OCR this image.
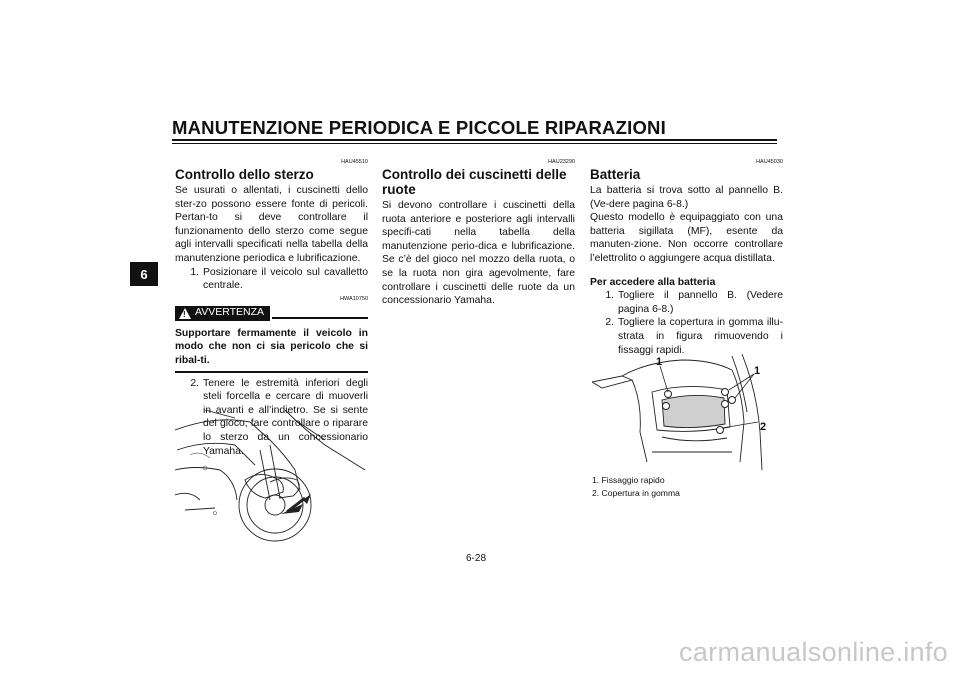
MANUTENZIONE PERIODICA E PICCOLE RIPARAZIONI
6
HAU45510
Controllo dello sterzo

Se usurati o allentati, i cuscinetti dello ster-zo possono essere fonte di pericoli. Pertan-to si deve controllare il funzionamento dello sterzo come segue agli intervalli specificati nella tabella della manutenzione periodica e lubrificazione.

1. Posizionare il veicolo sul cavalletto centrale.
HWA10750
! AVVERTENZA
Supportare fermamente il veicolo in modo che non ci sia pericolo che si ribal-ti.
2. Tenere le estremità inferiori degli steli forcella e cercare di muoverli in avanti e all’indietro. Se si sente del gioco, fare controllare o riparare lo sterzo da un concessionario Yamaha.
HAU23290
Controllo dei cuscinetti delle ruote

Si devono controllare i cuscinetti della ruota anteriore e posteriore agli intervalli specifi-cati nella tabella della manutenzione perio-dica e lubrificazione. Se c’è del gioco nel mozzo della ruota, o se la ruota non gira agevolmente, fare controllare i cuscinetti delle ruote da un concessionario Yamaha.

HAU45030
Batteria

La batteria si trova sotto al pannello B. (Ve-dere pagina 6-8.)

Questo modello è equipaggiato con una batteria sigillata (MF), esente da manuten-zione. Non occorre controllare l’elettrolito o aggiungere acqua distillata.

Per accedere alla batteria
1. Togliere il pannello B. (Vedere pagina 6-8.)
2. Togliere la copertura in gomma illu-strata in figura rimuovendo i fissaggi rapidi.
1
1
2
1. Fissaggio rapido
2. Copertura in gomma
6-28
carmanualsonline.info
